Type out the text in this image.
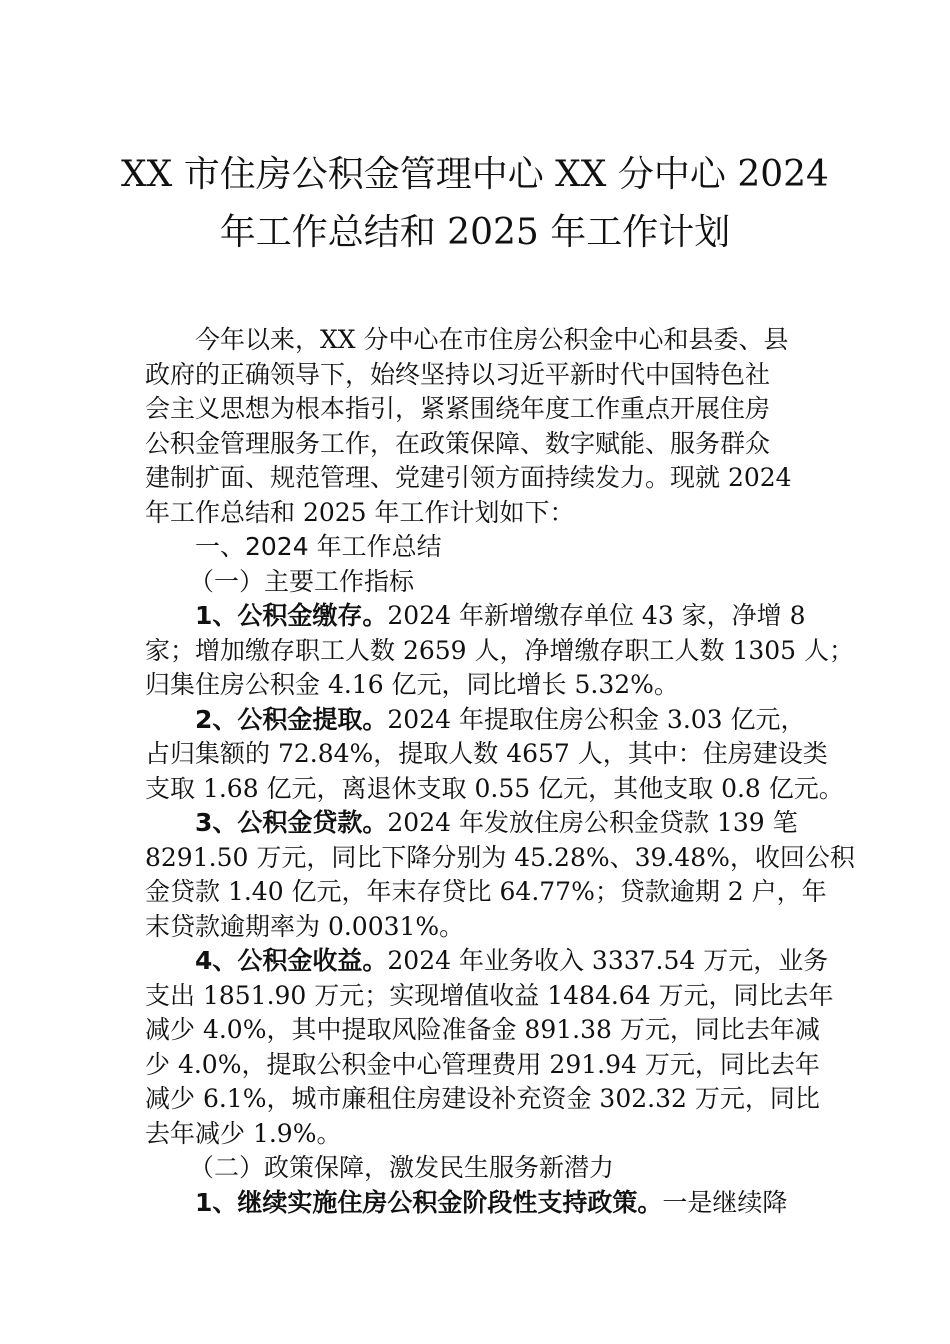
XX 市住房公积金管理中心 XX 分中心 2024
年工作总结和 2025 年工作计划

今年以来，XX 分中心在市住房公积金中心和县委、县
政府的正确领导下，始终坚持以习近平新时代中国特色社
会主义思想为根本指引，紧紧围绕年度工作重点开展住房
公积金管理服务工作，在政策保障、数字赋能、服务群众
建制扩面、规范管理、党建引领方面持续发力。现就 2024
年工作总结和 2025 年工作计划如下：

一、2024 年工作总结

（一）主要工作指标

1、公积金缴存。2024 年新增缴存单位 43 家，净增 8
家；增加缴存职工人数 2659 人，净增缴存职工人数 1305 人；
归集住房公积金 4.16 亿元，同比增长 5.32%。

2、公积金提取。2024 年提取住房公积金 3.03 亿元，
占归集额的 72.84%，提取人数 4657 人，其中：住房建设类
支取 1.68 亿元，离退休支取 0.55 亿元，其他支取 0.8 亿元。

3、公积金贷款。2024 年发放住房公积金贷款 139 笔
8291.50 万元，同比下降分别为 45.28%、39.48%，收回公积
金贷款 1.40 亿元，年末存贷比 64.77%；贷款逾期 2 户，年
末贷款逾期率为 0.0031%。

4、公积金收益。2024 年业务收入 3337.54 万元，业务
支出 1851.90 万元；实现增值收益 1484.64 万元，同比去年
减少 4.0%，其中提取风险准备金 891.38 万元，同比去年减
少 4.0%，提取公积金中心管理费用 291.94 万元，同比去年
减少 6.1%，城市廉租住房建设补充资金 302.32 万元，同比
去年减少 1.9%。

（二）政策保障，激发民生服务新潜力

1、继续实施住房公积金阶段性支持政策。一是继续降
